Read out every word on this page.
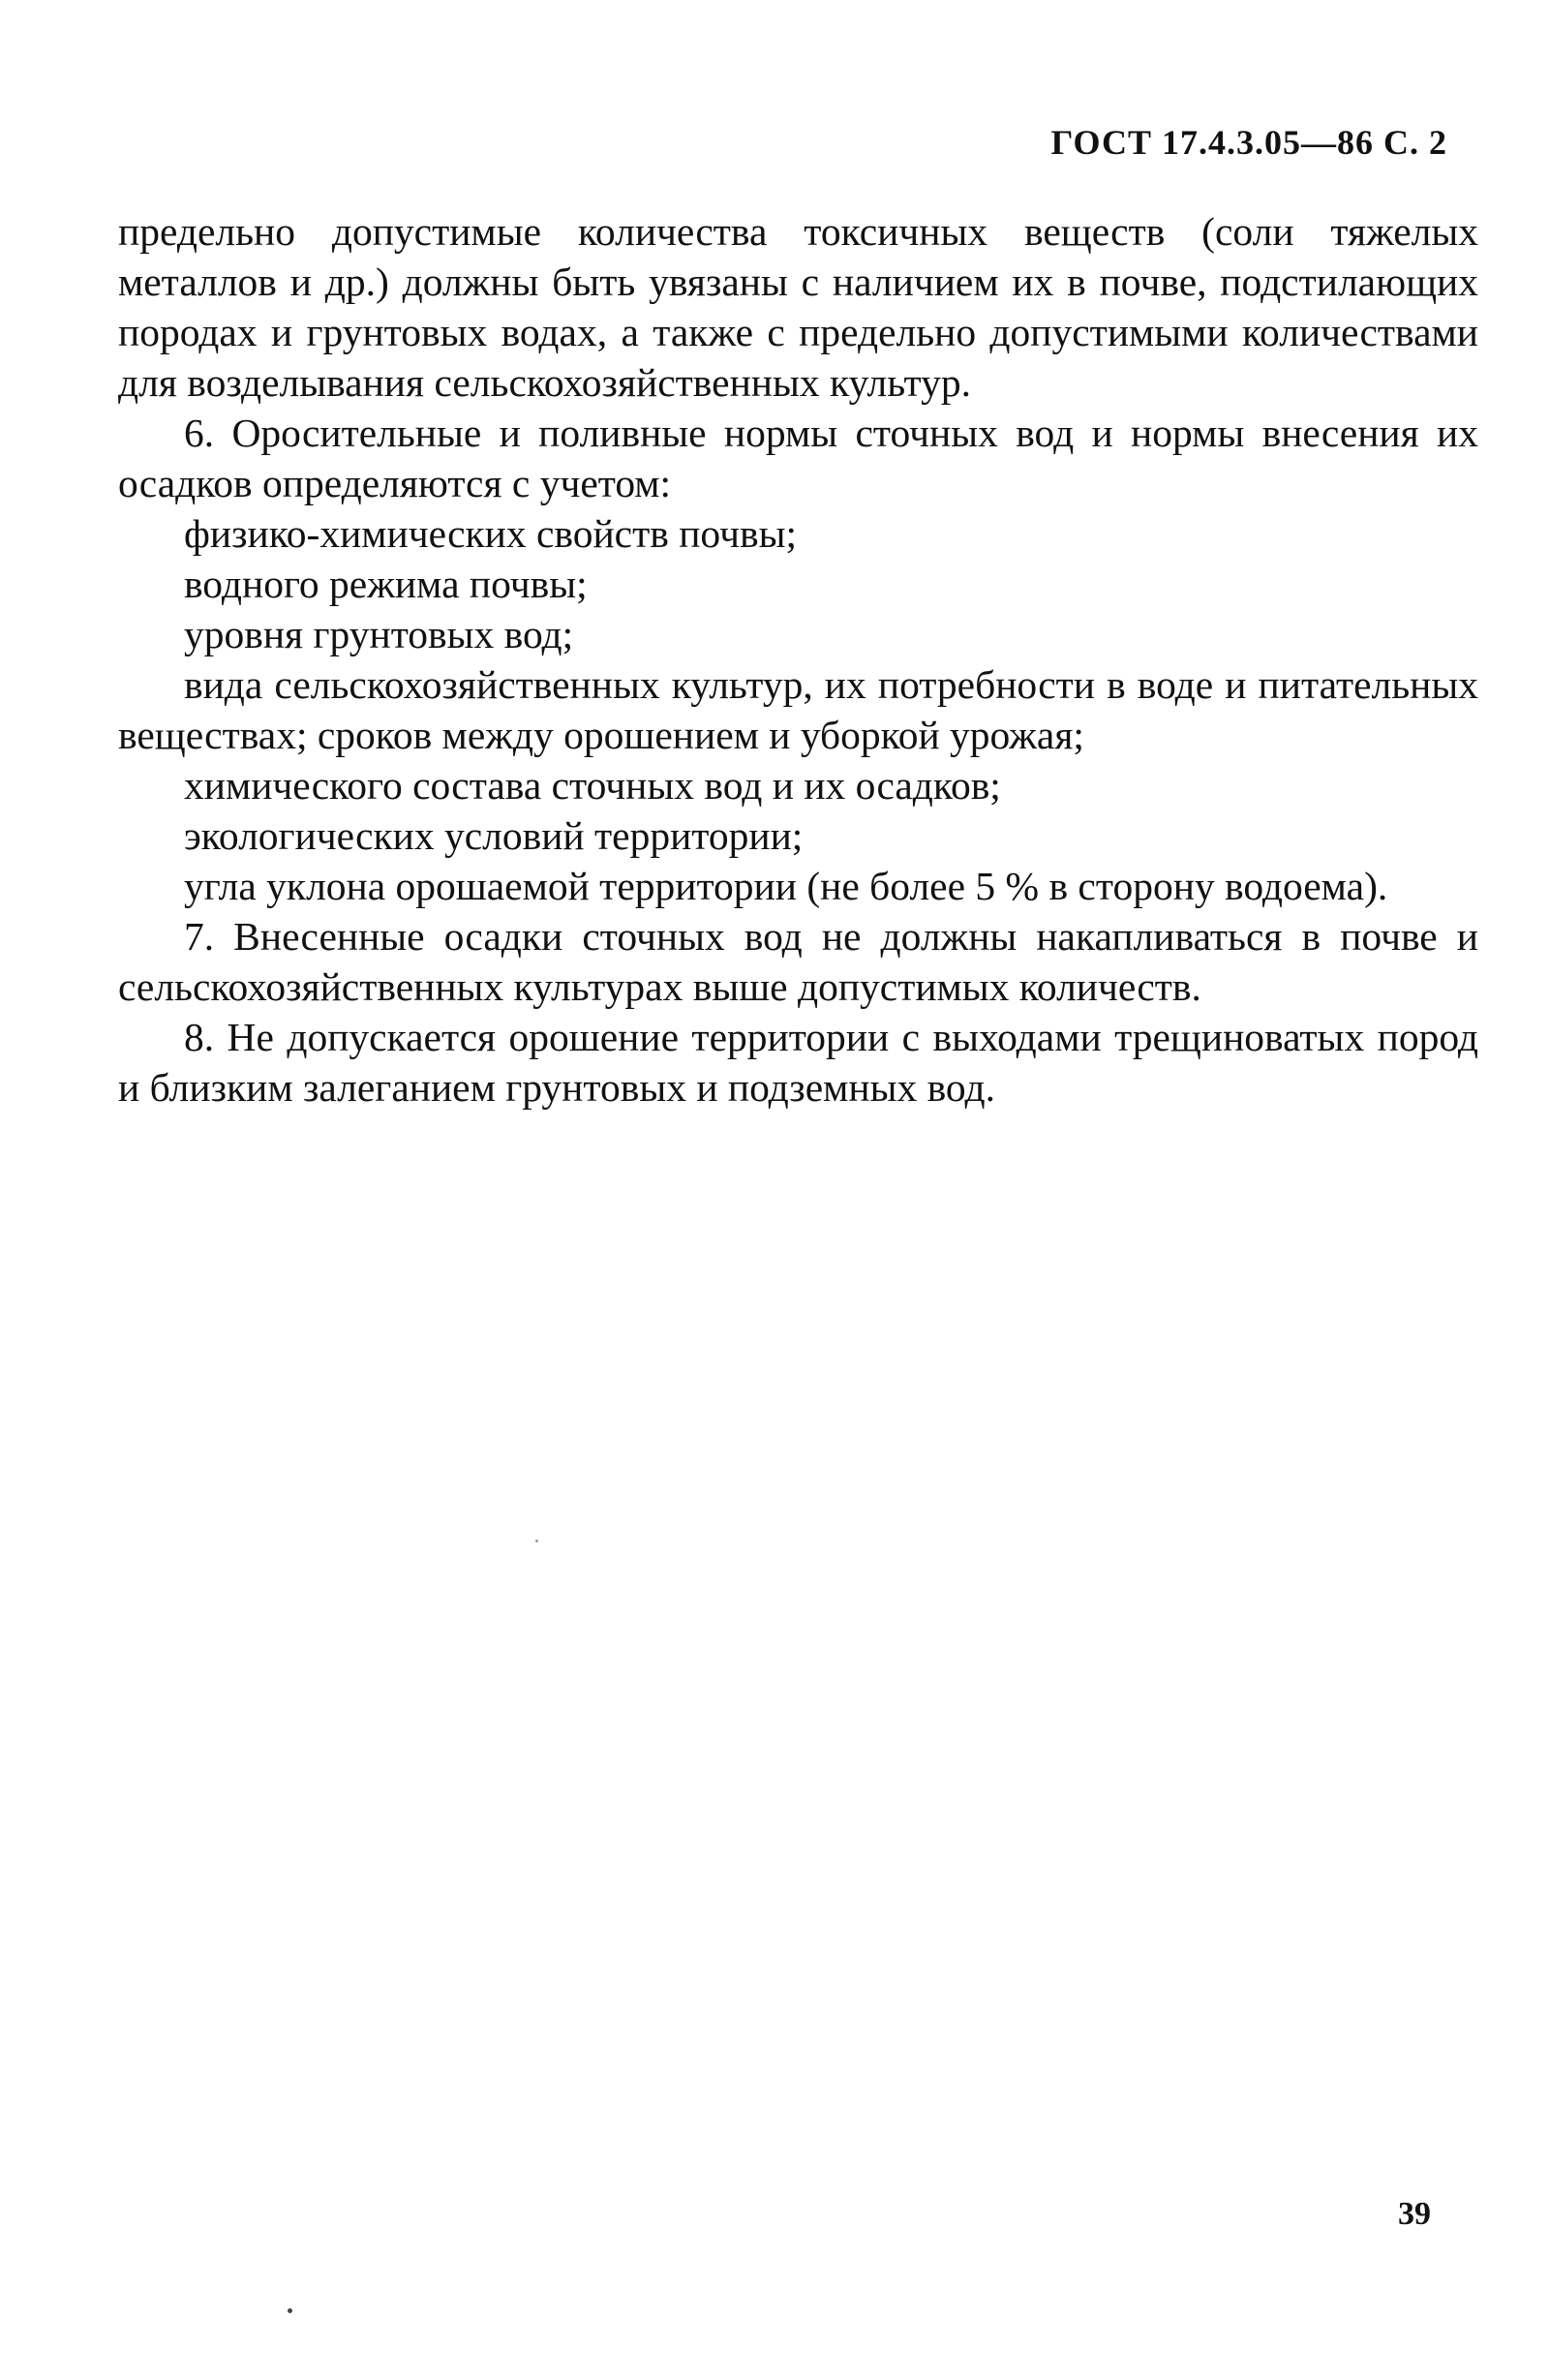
ГОСТ 17.4.3.05—86 С. 2

предельно допустимые количества токсичных веществ (соли тяжелых металлов и др.) должны быть увязаны с наличием их в почве, подстилающих породах и грунтовых водах, а также с предельно допустимыми количествами для возделывания сельскохозяйственных культур.

6. Оросительные и поливные нормы сточных вод и нормы внесения их осадков определяются с учетом:

физико-химических свойств почвы;

водного режима почвы;

уровня грунтовых вод;

вида сельскохозяйственных культур, их потребности в воде и питательных веществах; сроков между орошением и уборкой урожая;

химического состава сточных вод и их осадков;

экологических условий территории;

угла уклона орошаемой территории (не более 5 % в сторону водоема).

7. Внесенные осадки сточных вод не должны накапливаться в почве и сельскохозяйственных культурах выше допустимых количеств.

8. Не допускается орошение территории с выходами трещиноватых пород и близким залеганием грунтовых и подземных вод.

39
